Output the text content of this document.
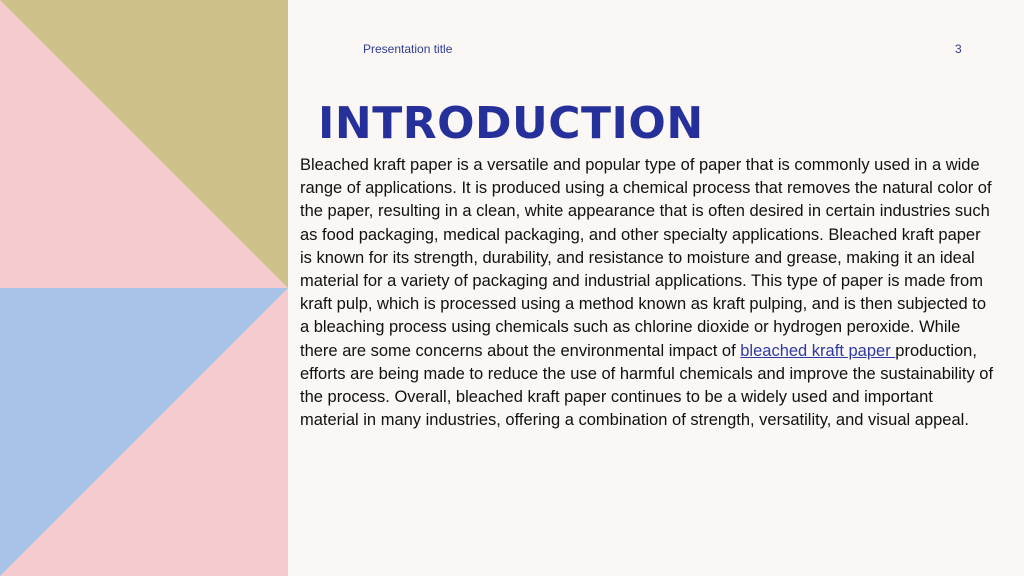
Presentation title	3
INTRODUCTION
Bleached kraft paper is a versatile and popular type of paper that is commonly used in a wide range of applications. It is produced using a chemical process that removes the natural color of the paper, resulting in a clean, white appearance that is often desired in certain industries such as food packaging, medical packaging, and other specialty applications. Bleached kraft paper is known for its strength, durability, and resistance to moisture and grease, making it an ideal material for a variety of packaging and industrial applications. This type of paper is made from kraft pulp, which is processed using a method known as kraft pulping, and is then subjected to a bleaching process using chemicals such as chlorine dioxide or hydrogen peroxide. While there are some concerns about the environmental impact of bleached kraft paper production, efforts are being made to reduce the use of harmful chemicals and improve the sustainability of the process. Overall, bleached kraft paper continues to be a widely used and important material in many industries, offering a combination of strength, versatility, and visual appeal.
